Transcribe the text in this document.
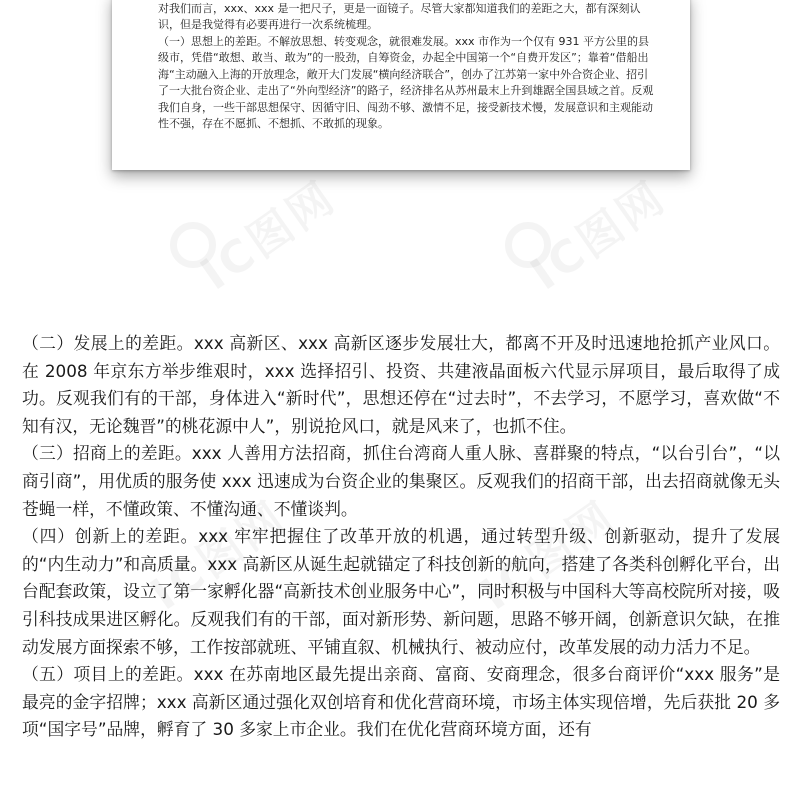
对我们而言，xxx、xxx 是一把尺子，更是一面镜子。尽管大家都知道我们的差距之大，都有深刻认识，但是我觉得有必要再进行一次系统梳理。

（一）思想上的差距。不解放思想、转变观念，就很难发展。xxx 市作为一个仅有 931 平方公里的县级市，凭借“敢想、敢当、敢为”的一股劲，自筹资金，办起全中国第一个“自费开发区”；靠着“借船出海“主动融入上海的开放理念，敞开大门发展“横向经济联合”，创办了江苏第一家中外合资企业、招引了一大批台资企业、走出了“外向型经济”的路子，经济排名从苏州最末上升到雄踞全国县域之首。反观我们自身，一些干部思想保守、因循守旧、闯劲不够、激情不足，接受新技术慢，发展意识和主观能动性不强，存在不愿抓、不想抓、不敢抓的现象。

（二）发展上的差距。xxx 高新区、xxx 高新区逐步发展壮大，都离不开及时迅速地抢抓产业风口。在 2008 年京东方举步维艰时，xxx 选择招引、投资、共建液晶面板六代显示屏项目，最后取得了成功。反观我们有的干部，身体进入“新时代”，思想还停在“过去时”，不去学习，不愿学习，喜欢做“不知有汉，无论魏晋”的桃花源中人”，别说抢风口，就是风来了，也抓不住。

（三）招商上的差距。xxx 人善用方法招商，抓住台湾商人重人脉、喜群聚的特点，“以台引台”，“以商引商”，用优质的服务使 xxx 迅速成为台资企业的集聚区。反观我们的招商干部，出去招商就像无头苍蝇一样，不懂政策、不懂沟通、不懂谈判。

（四）创新上的差距。xxx 牢牢把握住了改革开放的机遇，通过转型升级、创新驱动，提升了发展的“内生动力”和高质量。xxx 高新区从诞生起就锚定了科技创新的航向，搭建了各类科创孵化平台，出台配套政策，设立了第一家孵化器“高新技术创业服务中心”，同时积极与中国科大等高校院所对接，吸引科技成果进区孵化。反观我们有的干部，面对新形势、新问题，思路不够开阔，创新意识欠缺，在推动发展方面探索不够，工作按部就班、平铺直叙、机械执行、被动应付，改革发展的动力活力不足。

（五）项目上的差距。xxx 在苏南地区最先提出亲商、富商、安商理念，很多台商评价“xxx 服务”是最亮的金字招牌；xxx 高新区通过强化双创培育和优化营商环境，市场主体实现倍增，先后获批 20 多项“国字号”品牌，孵育了 30 多家上市企业。我们在优化营商环境方面，还有
